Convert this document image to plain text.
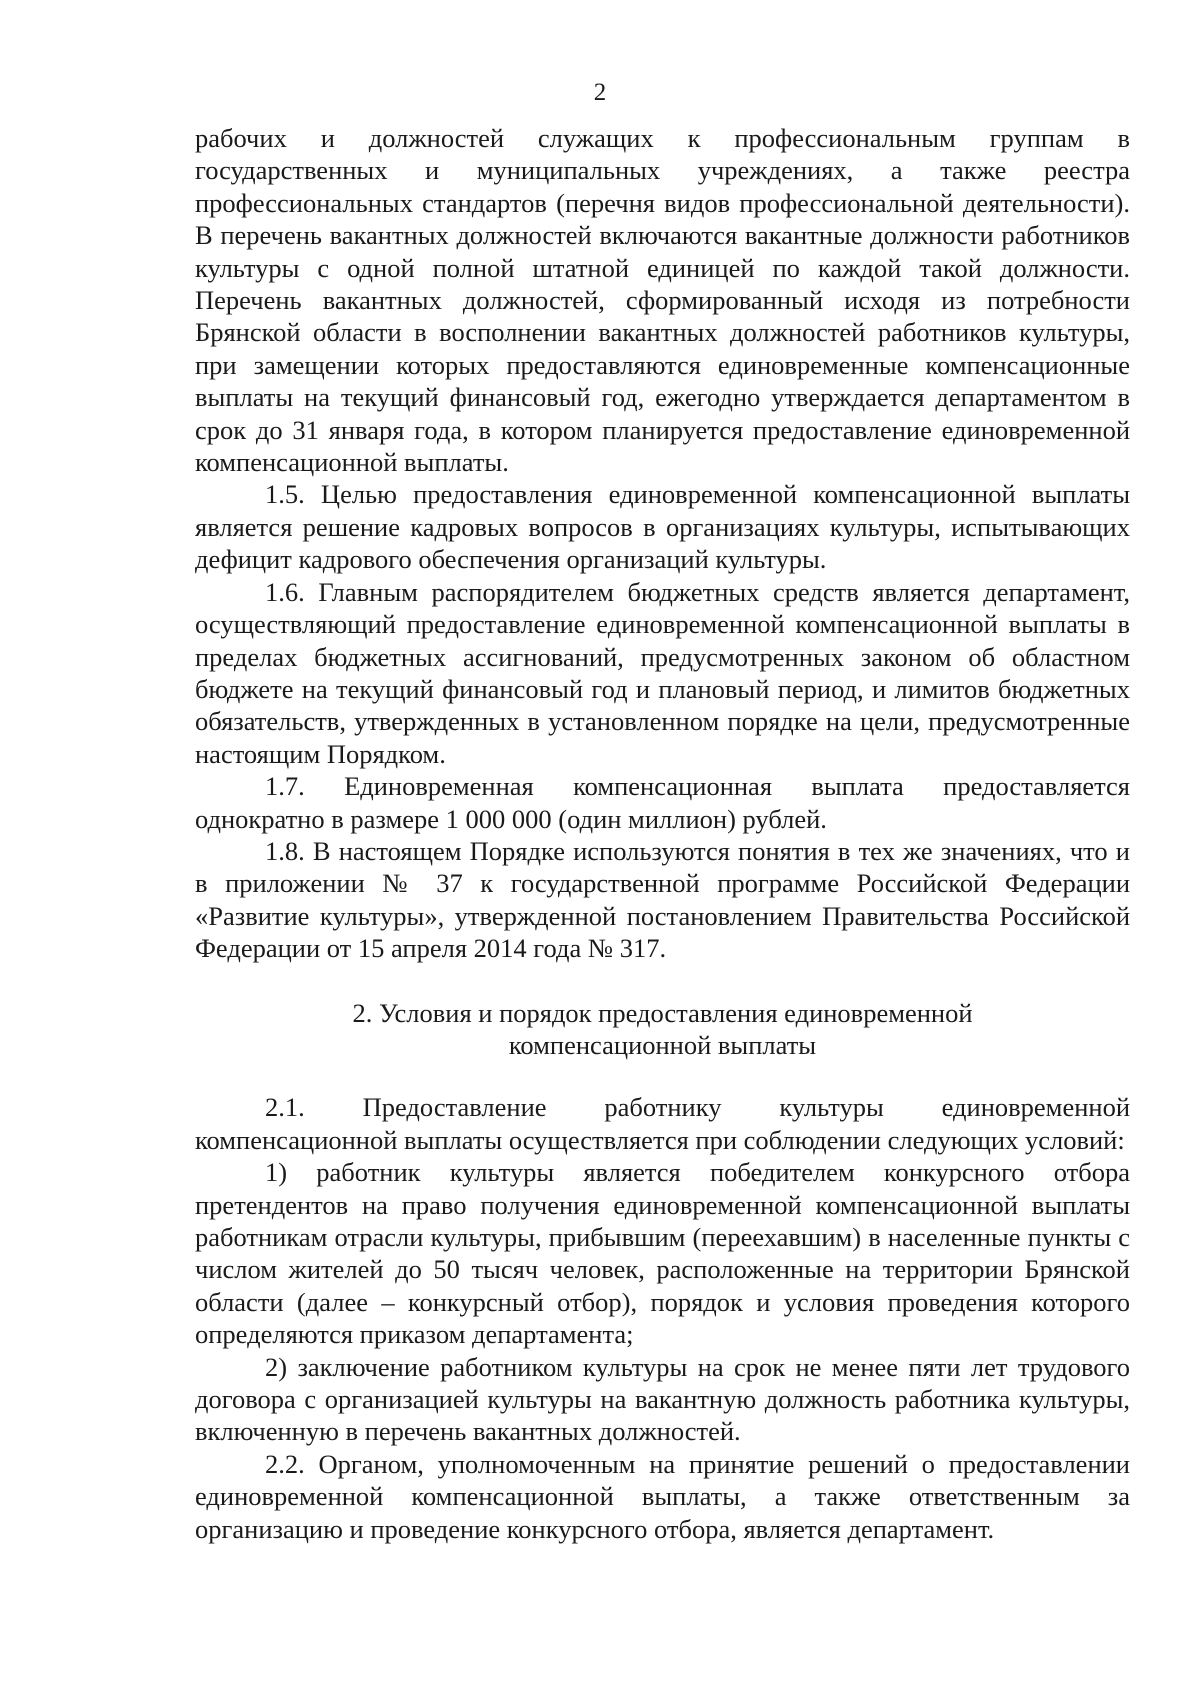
2

рабочих и должностей служащих к профессиональным группам в государственных и муниципальных учреждениях, а также реестра профессиональных стандартов (перечня видов профессиональной деятельности). В перечень вакантных должностей включаются вакантные должности работников культуры с одной полной штатной единицей по каждой такой должности. Перечень вакантных должностей, сформированный исходя из потребности Брянской области в восполнении вакантных должностей работников культуры, при замещении которых предоставляются единовременные компенсационные выплаты на текущий финансовый год, ежегодно утверждается департаментом в срок до 31 января года, в котором планируется предоставление единовременной компенсационной выплаты.

1.5. Целью предоставления единовременной компенсационной выплаты является решение кадровых вопросов в организациях культуры, испытывающих дефицит кадрового обеспечения организаций культуры.

1.6. Главным распорядителем бюджетных средств является департамент, осуществляющий предоставление единовременной компенсационной выплаты в пределах бюджетных ассигнований, предусмотренных законом об областном бюджете на текущий финансовый год и плановый период, и лимитов бюджетных обязательств, утвержденных в установленном порядке на цели, предусмотренные настоящим Порядком.

1.7. Единовременная компенсационная выплата предоставляется однократно в размере 1 000 000 (один миллион) рублей.

1.8. В настоящем Порядке используются понятия в тех же значениях, что и в приложении № 37 к государственной программе Российской Федерации «Развитие культуры», утвержденной постановлением Правительства Российской Федерации от 15 апреля 2014 года № 317.

2. Условия и порядок предоставления единовременной
компенсационной выплаты

2.1. Предоставление работнику культуры единовременной компенсационной выплаты осуществляется при соблюдении следующих условий:

1) работник культуры является победителем конкурсного отбора претендентов на право получения единовременной компенсационной выплаты работникам отрасли культуры, прибывшим (переехавшим) в населенные пункты с числом жителей до 50 тысяч человек, расположенные на территории Брянской области (далее – конкурсный отбор), порядок и условия проведения которого определяются приказом департамента;

2) заключение работником культуры на срок не менее пяти лет трудового договора с организацией культуры на вакантную должность работника культуры, включенную в перечень вакантных должностей.

2.2. Органом, уполномоченным на принятие решений о предоставлении единовременной компенсационной выплаты, а также ответственным за организацию и проведение конкурсного отбора, является департамент.
